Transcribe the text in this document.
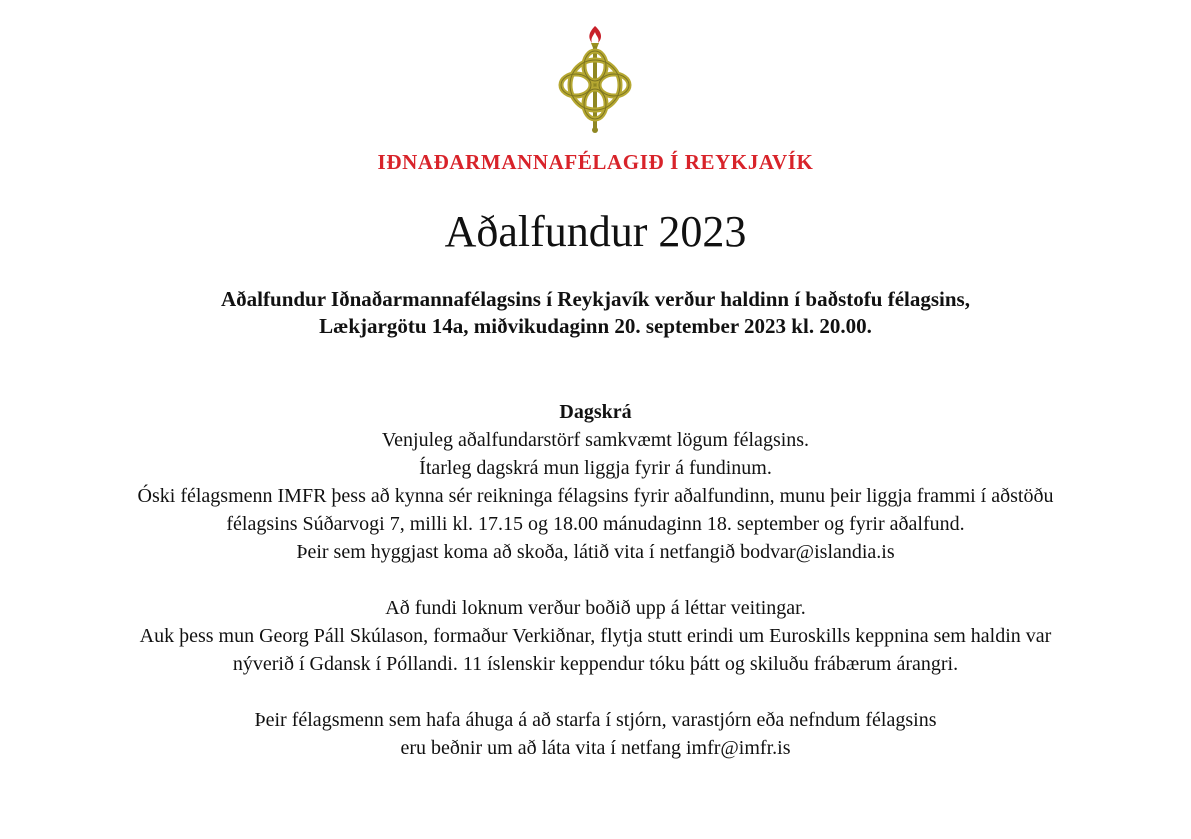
IÐNAÐARMANNAFÉLAGIÐ Í REYKJAVÍK
Aðalfundur 2023
Aðalfundur Iðnaðarmannafélagsins í Reykjavík verður haldinn í baðstofu félagsins,
Lækjargötu 14a, miðvikudaginn 20. september 2023 kl. 20.00.
Dagskrá
Venjuleg aðalfundarstörf samkvæmt lögum félagsins.
Ítarleg dagskrá mun liggja fyrir á fundinum.
Óski félagsmenn IMFR þess að kynna sér reikninga félagsins fyrir aðalfundinn, munu þeir liggja frammi í aðstöðu
félagsins Súðarvogi 7, milli kl. 17.15 og 18.00 mánudaginn 18. september og fyrir aðalfund.
Þeir sem hyggjast koma að skoða, látið vita í netfangið bodvar@islandia.is
Að fundi loknum verður boðið upp á léttar veitingar.
Auk þess mun Georg Páll Skúlason, formaður Verkiðnar, flytja stutt erindi um Euroskills keppnina sem haldin var
nýverið í Gdansk í Póllandi. 11 íslenskir keppendur tóku þátt og skiluðu frábærum árangri.
Þeir félagsmenn sem hafa áhuga á að starfa í stjórn, varastjórn eða nefndum félagsins
eru beðnir um að láta vita í netfang imfr@imfr.is
